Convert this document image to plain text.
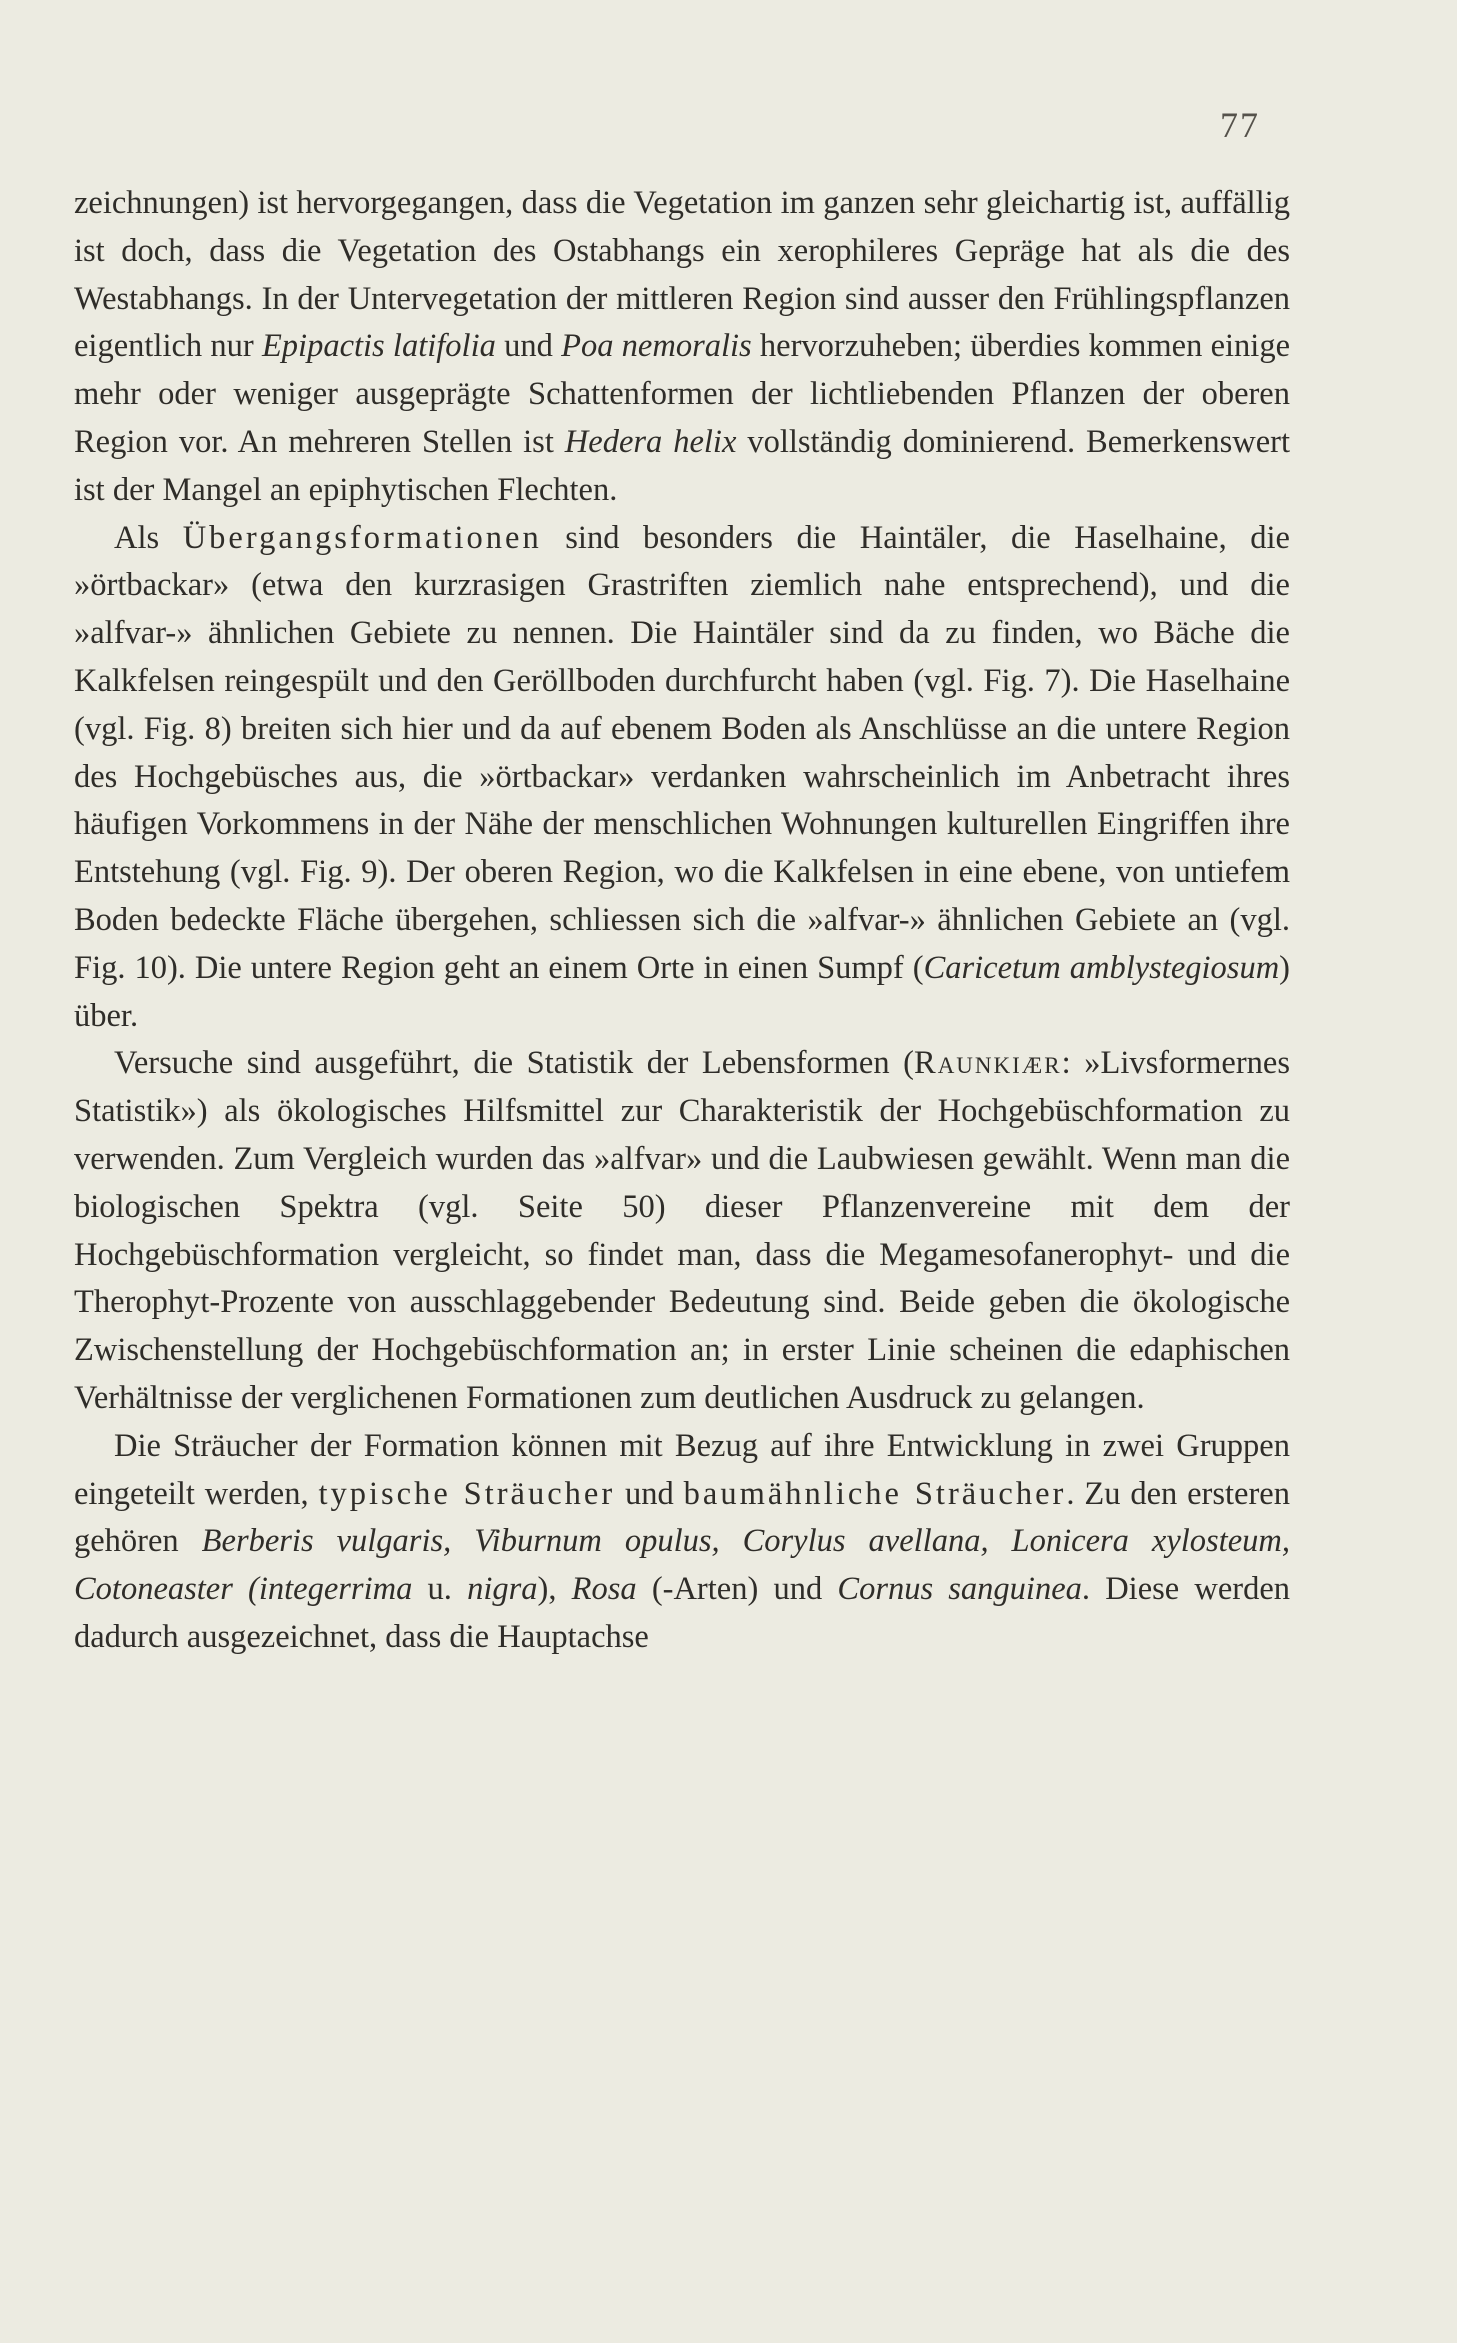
77

zeichnungen) ist hervorgegangen, dass die Vegetation im ganzen sehr gleichartig ist, auffällig ist doch, dass die Vegetation des Ostabhangs ein xerophileres Gepräge hat als die des Westabhangs. In der Untervegetation der mittleren Region sind ausser den Frühlingspflanzen eigentlich nur Epipactis latifolia und Poa nemoralis hervorzuheben; überdies kommen einige mehr oder weniger ausgeprägte Schattenformen der lichtliebenden Pflanzen der oberen Region vor. An mehreren Stellen ist Hedera helix vollständig dominierend. Bemerkenswert ist der Mangel an epiphytischen Flechten.

Als Übergangsformationen sind besonders die Haintäler, die Haselhaine, die »örtbackar» (etwa den kurzrasigen Grastriften ziemlich nahe entsprechend), und die »alfvar-» ähnlichen Gebiete zu nennen. Die Haintäler sind da zu finden, wo Bäche die Kalkfelsen reingespült und den Geröllboden durchfurcht haben (vgl. Fig. 7). Die Haselhaine (vgl. Fig. 8) breiten sich hier und da auf ebenem Boden als Anschlüsse an die untere Region des Hochgebüsches aus, die »örtbackar» verdanken wahrscheinlich im Anbetracht ihres häufigen Vorkommens in der Nähe der menschlichen Wohnungen kulturellen Eingriffen ihre Entstehung (vgl. Fig. 9). Der oberen Region, wo die Kalkfelsen in eine ebene, von untiefem Boden bedeckte Fläche übergehen, schliessen sich die »alfvar-» ähnlichen Gebiete an (vgl. Fig. 10). Die untere Region geht an einem Orte in einen Sumpf (Caricetum amblystegiosum) über.

Versuche sind ausgeführt, die Statistik der Lebensformen (Raunkiær: »Livsformernes Statistik») als ökologisches Hilfsmittel zur Charakteristik der Hochgebüschformation zu verwenden. Zum Vergleich wurden das »alfvar» und die Laubwiesen gewählt. Wenn man die biologischen Spektra (vgl. Seite 50) dieser Pflanzenvereine mit dem der Hochgebüschformation vergleicht, so findet man, dass die Megamesofanerophyt- und die Therophyt-Prozente von ausschlaggebender Bedeutung sind. Beide geben die ökologische Zwischenstellung der Hochgebüschformation an; in erster Linie scheinen die edaphischen Verhältnisse der verglichenen Formationen zum deutlichen Ausdruck zu gelangen.

Die Sträucher der Formation können mit Bezug auf ihre Entwicklung in zwei Gruppen eingeteilt werden, typische Sträucher und baumähnliche Sträucher. Zu den ersteren gehören Berberis vulgaris, Viburnum opulus, Corylus avellana, Lonicera xylosteum, Cotoneaster (integerrima u. nigra), Rosa (-Arten) und Cornus sanguinea. Diese werden dadurch ausgezeichnet, dass die Hauptachse
